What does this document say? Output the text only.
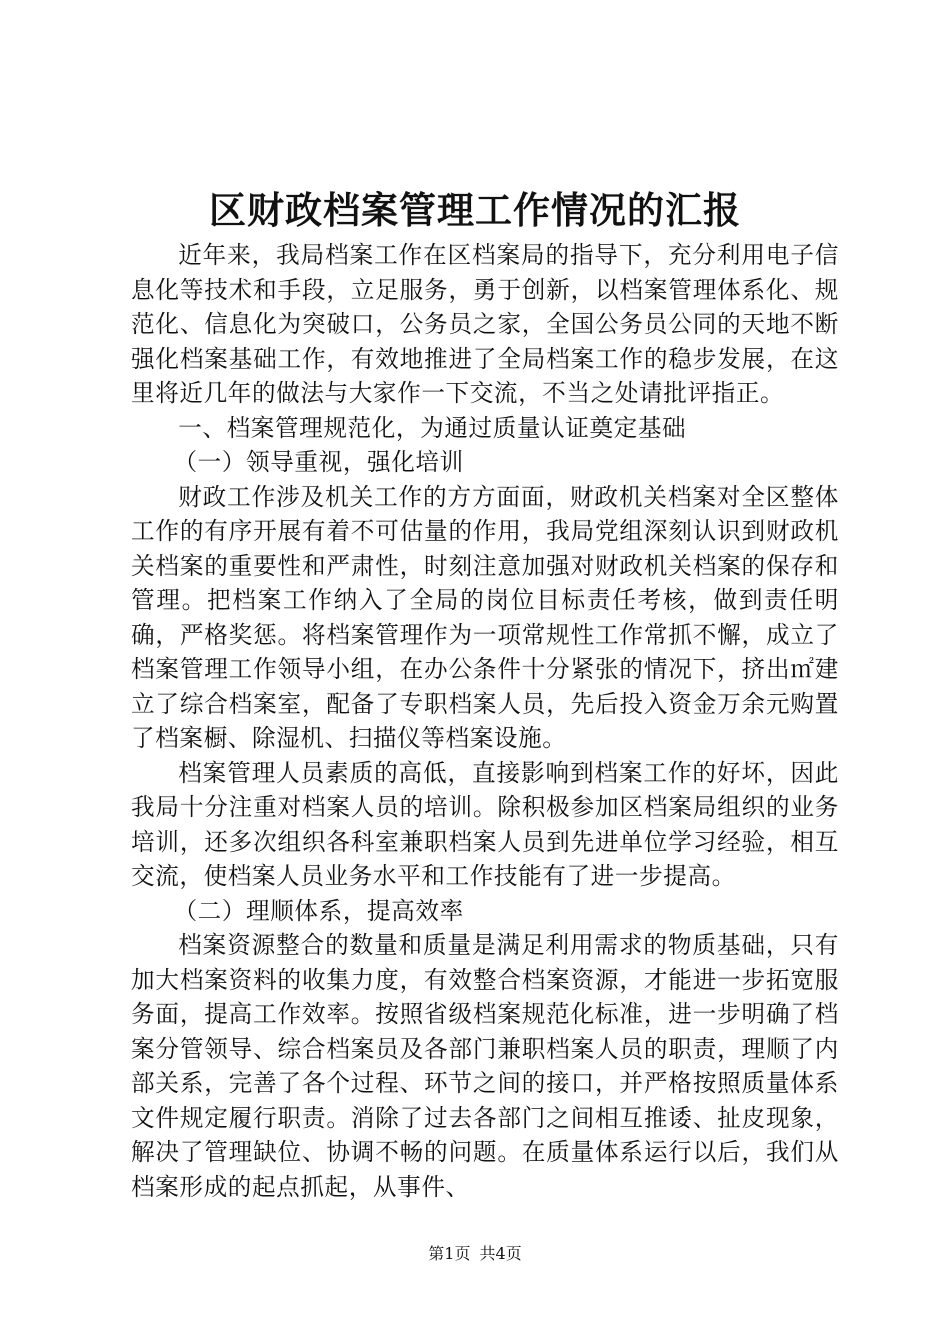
区财政档案管理工作情况的汇报

近年来，我局档案工作在区档案局的指导下，充分利用电子信息化等技术和手段，立足服务，勇于创新，以档案管理体系化、规范化、信息化为突破口，公务员之家，全国公务员公同的天地不断强化档案基础工作，有效地推进了全局档案工作的稳步发展，在这里将近几年的做法与大家作一下交流，不当之处请批评指正。

一、档案管理规范化，为通过质量认证奠定基础

（一）领导重视，强化培训

财政工作涉及机关工作的方方面面，财政机关档案对全区整体工作的有序开展有着不可估量的作用，我局党组深刻认识到财政机关档案的重要性和严肃性，时刻注意加强对财政机关档案的保存和管理。把档案工作纳入了全局的岗位目标责任考核，做到责任明确，严格奖惩。将档案管理作为一项常规性工作常抓不懈，成立了档案管理工作领导小组，在办公条件十分紧张的情况下，挤出㎡建立了综合档案室，配备了专职档案人员，先后投入资金万余元购置了档案橱、除湿机、扫描仪等档案设施。

档案管理人员素质的高低，直接影响到档案工作的好坏，因此我局十分注重对档案人员的培训。除积极参加区档案局组织的业务培训，还多次组织各科室兼职档案人员到先进单位学习经验，相互交流，使档案人员业务水平和工作技能有了进一步提高。

（二）理顺体系，提高效率

档案资源整合的数量和质量是满足利用需求的物质基础，只有加大档案资料的收集力度，有效整合档案资源，才能进一步拓宽服务面，提高工作效率。按照省级档案规范化标准，进一步明确了档案分管领导、综合档案员及各部门兼职档案人员的职责，理顺了内部关系，完善了各个过程、环节之间的接口，并严格按照质量体系文件规定履行职责。消除了过去各部门之间相互推诿、扯皮现象，解决了管理缺位、协调不畅的问题。在质量体系运行以后，我们从档案形成的起点抓起，从事件、

第1页 共4页
